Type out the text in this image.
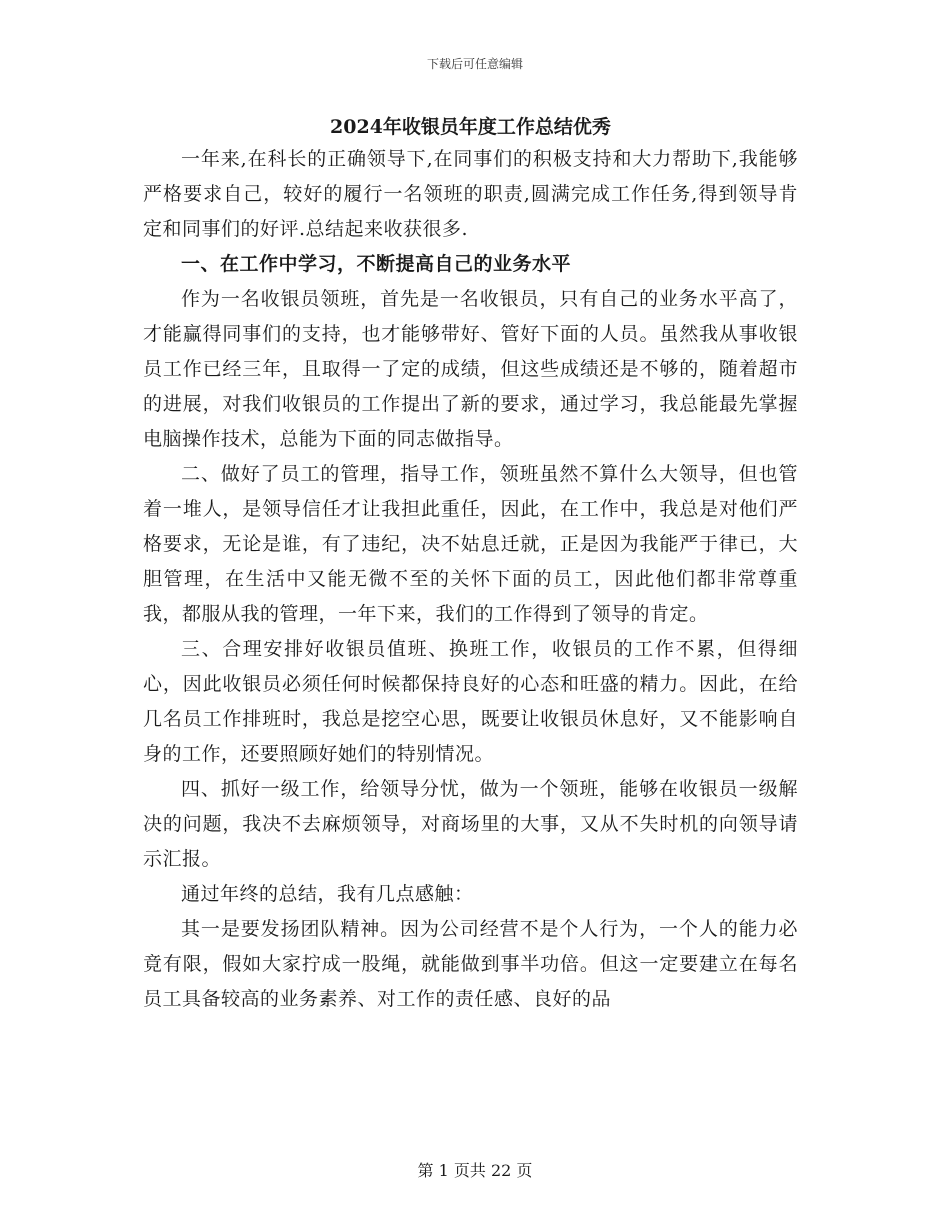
下载后可任意编辑
2024年收银员年度工作总结优秀

一年来,在科长的正确领导下,在同事们的积极支持和大力帮助下,我能够严格要求自己，较好的履行一名领班的职责,圆满完成工作任务,得到领导肯定和同事们的好评.总结起来收获很多.

一、在工作中学习，不断提高自己的业务水平

作为一名收银员领班，首先是一名收银员，只有自己的业务水平高了，才能赢得同事们的支持，也才能够带好、管好下面的人员。虽然我从事收银员工作已经三年，且取得一了定的成绩，但这些成绩还是不够的，随着超市的进展，对我们收银员的工作提出了新的要求，通过学习，我总能最先掌握电脑操作技术，总能为下面的同志做指导。

二、做好了员工的管理，指导工作，领班虽然不算什么大领导，但也管着一堆人，是领导信任才让我担此重任，因此，在工作中，我总是对他们严格要求，无论是谁，有了违纪，决不姑息迁就，正是因为我能严于律已，大胆管理，在生活中又能无微不至的关怀下面的员工，因此他们都非常尊重我，都服从我的管理，一年下来，我们的工作得到了领导的肯定。

三、合理安排好收银员值班、换班工作，收银员的工作不累，但得细心，因此收银员必须任何时候都保持良好的心态和旺盛的精力。因此，在给几名员工作排班时，我总是挖空心思，既要让收银员休息好，又不能影响自身的工作，还要照顾好她们的特别情况。

四、抓好一级工作，给领导分忧，做为一个领班，能够在收银员一级解决的问题，我决不去麻烦领导，对商场里的大事，又从不失时机的向领导请示汇报。

通过年终的总结，我有几点感触：

其一是要发扬团队精神。因为公司经营不是个人行为，一个人的能力必竟有限，假如大家拧成一股绳，就能做到事半功倍。但这一定要建立在每名员工具备较高的业务素养、对工作的责任感、良好的品

第 1 页共 22 页
